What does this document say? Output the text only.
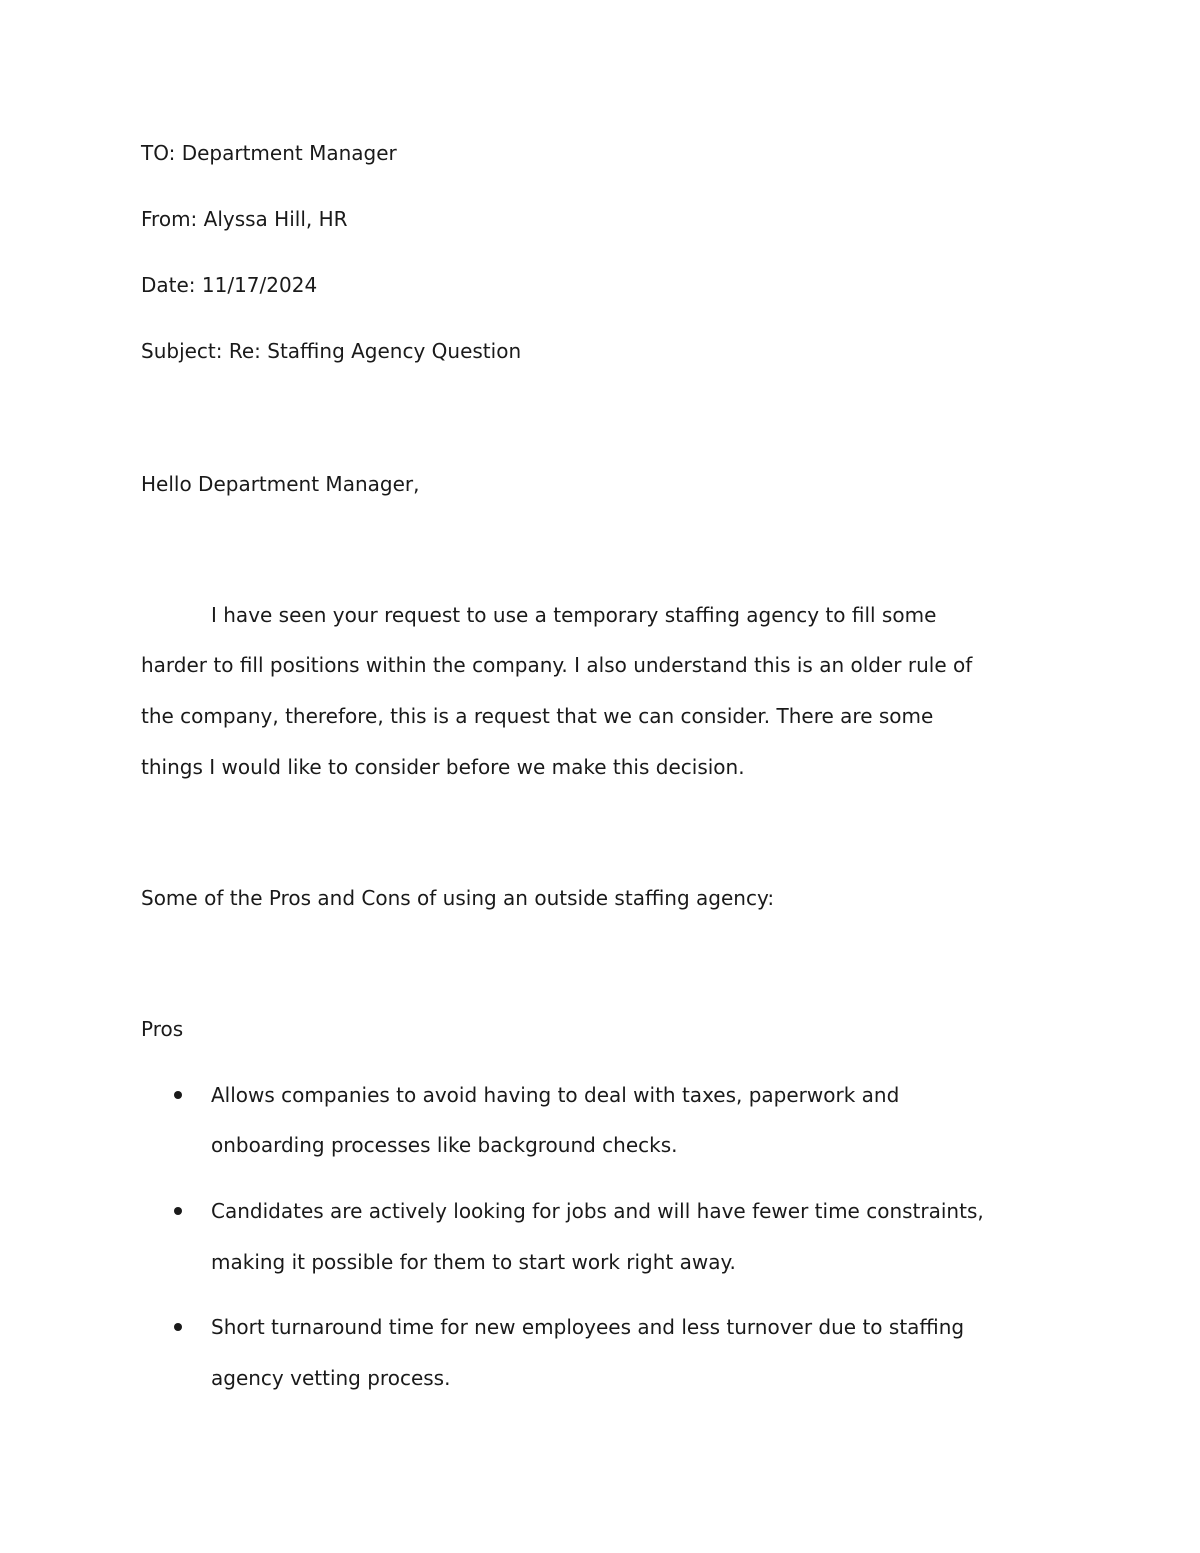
TO: Department Manager
From: Alyssa Hill, HR
Date: 11/17/2024
Subject: Re: Staffing Agency Question
Hello Department Manager,
I have seen your request to use a temporary staffing agency to fill some
harder to fill positions within the company. I also understand this is an older rule of
the company, therefore, this is a request that we can consider. There are some
things I would like to consider before we make this decision.
Some of the Pros and Cons of using an outside staffing agency:
Pros
Allows companies to avoid having to deal with taxes, paperwork and
onboarding processes like background checks.
Candidates are actively looking for jobs and will have fewer time constraints,
making it possible for them to start work right away.
Short turnaround time for new employees and less turnover due to staffing
agency vetting process.
